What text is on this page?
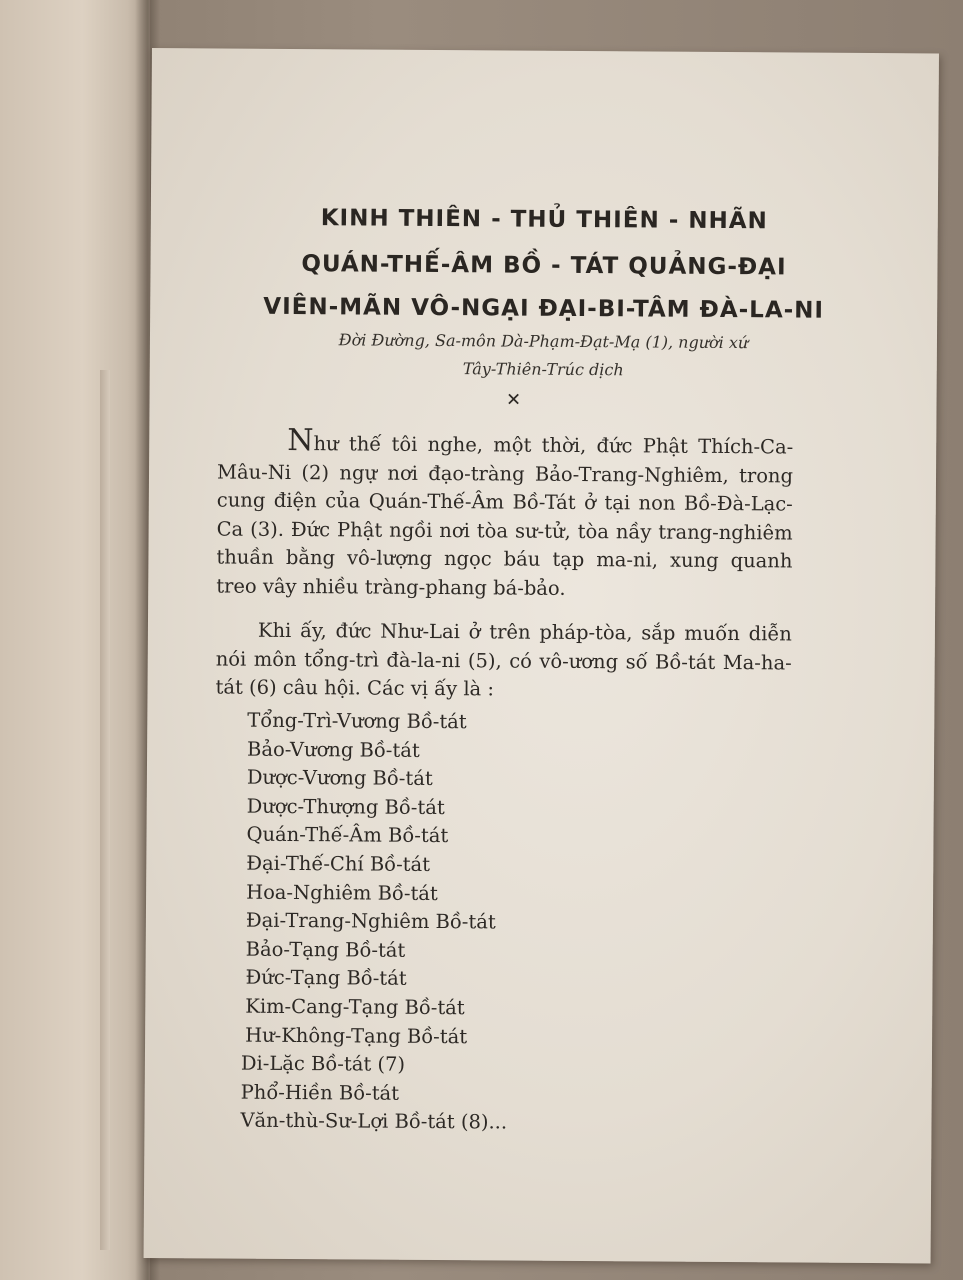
KINH THIÊN - THỦ THIÊN - NHÃN
QUÁN-THẾ-ÂM BỒ - TÁT QUẢNG-ĐẠI
VIÊN-MÃN VÔ-NGẠI ĐẠI-BI-TÂM ĐÀ-LA-NI
Đời Đường, Sa-môn Dà-Phạm-Đạt-Mạ (1), người xứ
Tây-Thiên-Trúc dịch
✕

Như thế tôi nghe, một thời, đức Phật Thích-Ca-Mâu-Ni (2) ngự nơi đạo-tràng Bảo-Trang-Nghiêm, trong cung điện của Quán-Thế-Âm Bồ-Tát ở tại non Bồ-Đà-Lạc-Ca (3). Đức Phật ngồi nơi tòa sư-tử, tòa nầy trang-nghiêm thuần bằng vô-lượng ngọc báu tạp ma-ni, xung quanh treo vây nhiều tràng-phang bá-bảo.

Khi ấy, đức Như-Lai ở trên pháp-tòa, sắp muốn diễn nói môn tổng-trì đà-la-ni (5), có vô-ương số Bồ-tát Ma-ha-tát (6) câu hội. Các vị ấy là :

Tổng-Trì-Vương Bồ-tát
Bảo-Vương Bồ-tát
Dược-Vương Bồ-tát
Dược-Thượng Bồ-tát
Quán-Thế-Âm Bồ-tát
Đại-Thế-Chí Bồ-tát
Hoa-Nghiêm Bồ-tát
Đại-Trang-Nghiêm Bồ-tát
Bảo-Tạng Bồ-tát
Đức-Tạng Bồ-tát
Kim-Cang-Tạng Bồ-tát
Hư-Không-Tạng Bồ-tát
Di-Lặc Bồ-tát (7)
Phổ-Hiền Bồ-tát
Văn-thù-Sư-Lợi Bồ-tát (8)...
